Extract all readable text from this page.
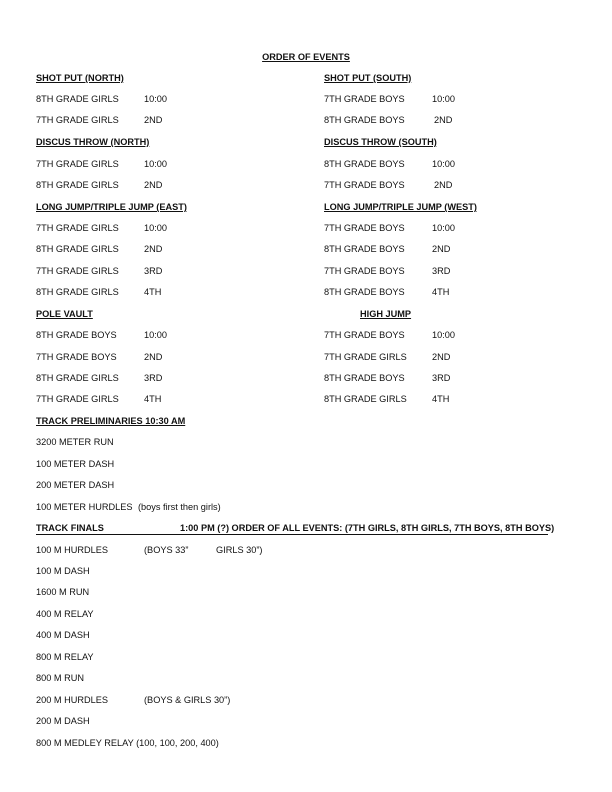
ORDER OF EVENTS
SHOT PUT (NORTH)
8TH GRADE GIRLS	10:00
7TH GRADE GIRLS	2ND
DISCUS THROW (NORTH)
7TH GRADE GIRLS	10:00
8TH GRADE GIRLS	2ND
LONG JUMP/TRIPLE JUMP (EAST)
7TH GRADE GIRLS	10:00
8TH GRADE GIRLS	2ND
7TH GRADE GIRLS	3RD
8TH GRADE GIRLS	4TH
POLE VAULT
8TH GRADE BOYS	10:00
7TH GRADE BOYS	2ND
8TH GRADE GIRLS	3RD
7TH GRADE GIRLS	4TH
SHOT PUT (SOUTH)
7TH GRADE BOYS	10:00
8TH GRADE BOYS	2ND
DISCUS THROW (SOUTH)
8TH GRADE BOYS	10:00
7TH GRADE BOYS	2ND
LONG JUMP/TRIPLE JUMP (WEST)
7TH GRADE BOYS	10:00
8TH GRADE BOYS	2ND
7TH GRADE BOYS	3RD
8TH GRADE BOYS	4TH
HIGH JUMP
7TH GRADE BOYS	10:00
7TH GRADE GIRLS	2ND
8TH GRADE BOYS	3RD
8TH GRADE GIRLS	4TH
TRACK PRELIMINARIES 10:30 AM
3200 METER RUN
100 METER DASH
200 METER DASH
100 METER HURDLES (boys first then girls)
TRACK FINALS	1:00 PM (?) ORDER OF ALL EVENTS: (7TH GIRLS, 8TH GIRLS, 7TH BOYS, 8TH BOYS)
100 M HURDLES	(BOYS 33”	GIRLS 30”)
100 M DASH
1600 M RUN
400 M RELAY
400 M DASH
800 M RELAY
800 M RUN
200 M HURDLES	(BOYS & GIRLS 30”)
200 M DASH
800 M MEDLEY RELAY (100, 100, 200, 400)
